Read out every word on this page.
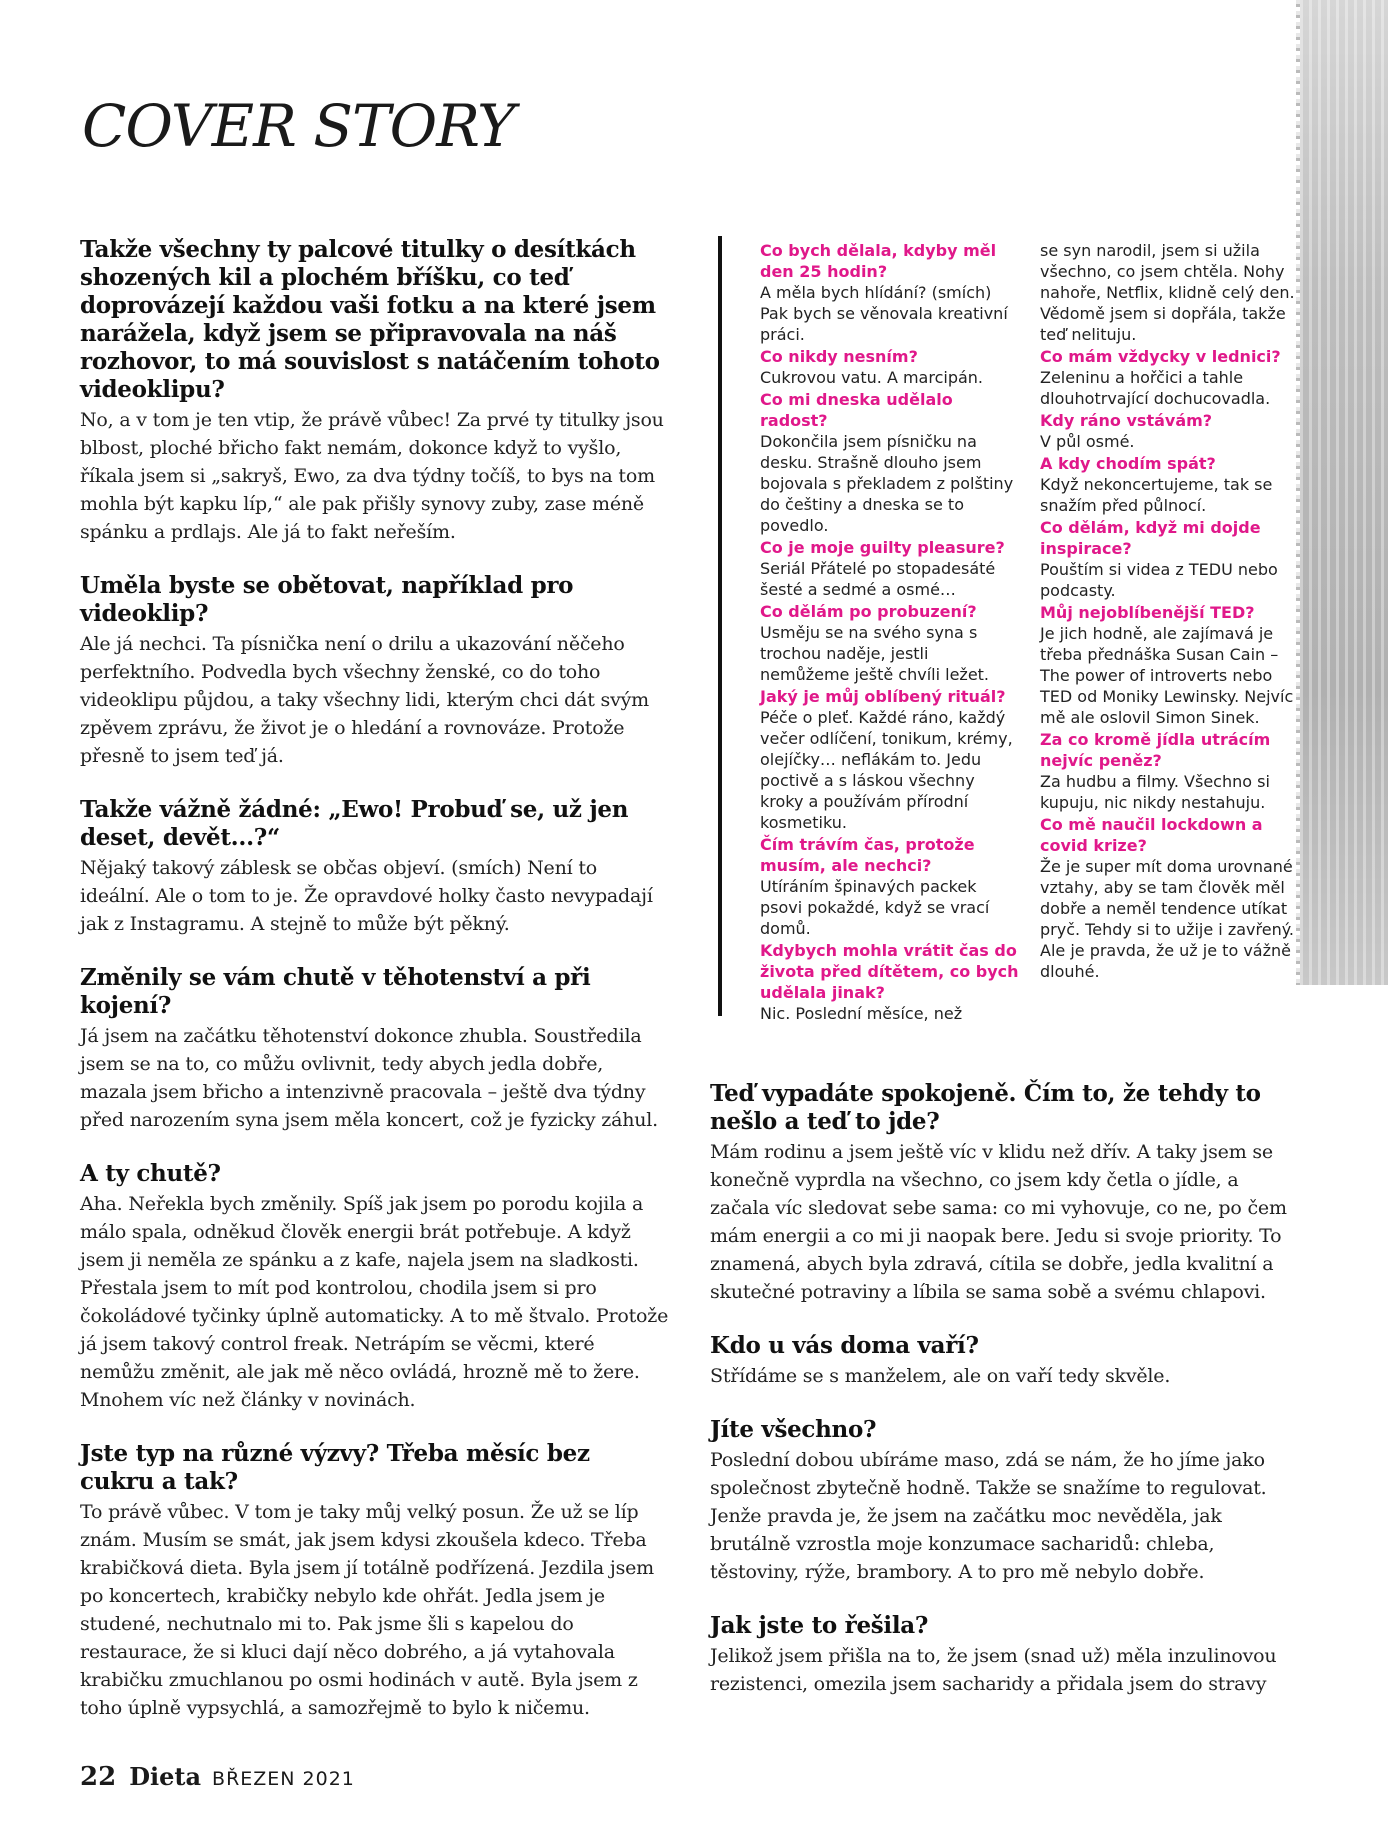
COVER STORY

Takže všechny ty palcové titulky o desítkách shozených kil a plochém bříšku, co teď doprovázejí každou vaši fotku a na které jsem narážela, když jsem se připravovala na náš rozhovor, to má souvislost s natáčením tohoto videoklipu?

No, a v tom je ten vtip, že právě vůbec! Za prvé ty titulky jsou blbost, ploché břicho fakt nemám, dokonce když to vyšlo, říkala jsem si „sakryš, Ewo, za dva týdny točíš, to bys na tom mohla být kapku líp,“ ale pak přišly synovy zuby, zase méně spánku a prdlajs. Ale já to fakt neřeším.

Uměla byste se obětovat, například pro videoklip?

Ale já nechci. Ta písnička není o drilu a ukazování něčeho perfektního. Podvedla bych všechny ženské, co do toho videoklipu půjdou, a taky všechny lidi, kterým chci dát svým zpěvem zprávu, že život je o hledání a rovnováze. Protože přesně to jsem teď já.

Takže vážně žádné: „Ewo! Probuď se, už jen deset, devět...?“

Nějaký takový záblesk se občas objeví. (smích) Není to ideální. Ale o tom to je. Že opravdové holky často nevypadají jak z Instagramu. A stejně to může být pěkný.

Změnily se vám chutě v těhotenství a při kojení?

Já jsem na začátku těhotenství dokonce zhubla. Soustředila jsem se na to, co můžu ovlivnit, tedy abych jedla dobře, mazala jsem břicho a intenzivně pracovala – ještě dva týdny před narozením syna jsem měla koncert, což je fyzicky záhul.

A ty chutě?

Aha. Neřekla bych změnily. Spíš jak jsem po porodu kojila a málo spala, odněkud člověk energii brát potřebuje. A když jsem ji neměla ze spánku a z kafe, najela jsem na sladkosti. Přestala jsem to mít pod kontrolou, chodila jsem si pro čokoládové tyčinky úplně automaticky. A to mě štvalo. Protože já jsem takový control freak. Netrápím se věcmi, které nemůžu změnit, ale jak mě něco ovládá, hrozně mě to žere. Mnohem víc než články v novinách.

Jste typ na různé výzvy? Třeba měsíc bez cukru a tak?

To právě vůbec. V tom je taky můj velký posun. Že už se líp znám. Musím se smát, jak jsem kdysi zkoušela kdeco. Třeba krabičková dieta. Byla jsem jí totálně podřízená. Jezdila jsem po koncertech, krabičky nebylo kde ohřát. Jedla jsem je studené, nechutnalo mi to. Pak jsme šli s kapelou do restaurace, že si kluci dají něco dobrého, a já vytahovala krabičku zmuchlanou po osmi hodinách v autě. Byla jsem z toho úplně vypsychlá, a samozřejmě to bylo k ničemu.

Co bych dělala, kdyby měl den 25 hodin?

A měla bych hlídání? (smích) Pak bych se věnovala kreativní práci.

Co nikdy nesním?

Cukrovou vatu. A marcipán.

Co mi dneska udělalo radost?

Dokončila jsem písničku na desku. Strašně dlouho jsem bojovala s překladem z polštiny do češtiny a dneska se to povedlo.

Co je moje guilty pleasure?

Seriál Přátelé po stopadesáté šesté a sedmé a osmé…

Co dělám po probuzení?

Usměju se na svého syna s trochou naděje, jestli nemůžeme ještě chvíli ležet.

Jaký je můj oblíbený rituál?

Péče o pleť. Každé ráno, každý večer odlíčení, tonikum, krémy, olejíčky… neflákám to. Jedu poctivě a s láskou všechny kroky a používám přírodní kosmetiku.

Čím trávím čas, protože musím, ale nechci?

Utíráním špinavých packek psovi pokaždé, když se vrací domů.

Kdybych mohla vrátit čas do života před dítětem, co bych udělala jinak?

Nic. Poslední měsíce, než

se syn narodil, jsem si užila všechno, co jsem chtěla. Nohy nahoře, Netflix, klidně celý den. Vědomě jsem si dopřála, takže teď nelituju.

Co mám vždycky v lednici?

Zeleninu a hořčici a tahle dlouhotrvající dochucovadla.

Kdy ráno vstávám?

V půl osmé.

A kdy chodím spát?

Když nekoncertujeme, tak se snažím před půlnocí.

Co dělám, když mi dojde inspirace?

Pouštím si videa z TEDU nebo podcasty.

Můj nejoblíbenější TED?

Je jich hodně, ale zajímavá je třeba přednáška Susan Cain – The power of introverts nebo TED od Moniky Lewinsky. Nejvíc mě ale oslovil Simon Sinek.

Za co kromě jídla utrácím nejvíc peněz?

Za hudbu a filmy. Všechno si kupuju, nic nikdy nestahuju.

Co mě naučil lockdown a covid krize?

Že je super mít doma urovnané vztahy, aby se tam člověk měl dobře a neměl tendence utíkat pryč. Tehdy si to užije i zavřený. Ale je pravda, že už je to vážně dlouhé.

Teď vypadáte spokojeně. Čím to, že tehdy to nešlo a teď to jde?

Mám rodinu a jsem ještě víc v klidu než dřív. A taky jsem se konečně vyprdla na všechno, co jsem kdy četla o jídle, a začala víc sledovat sebe sama: co mi vyhovuje, co ne, po čem mám energii a co mi ji naopak bere. Jedu si svoje priority. To znamená, abych byla zdravá, cítila se dobře, jedla kvalitní a skutečné potraviny a líbila se sama sobě a svému chlapovi.

Kdo u vás doma vaří?

Střídáme se s manželem, ale on vaří tedy skvěle.

Jíte všechno?

Poslední dobou ubíráme maso, zdá se nám, že ho jíme jako společnost zbytečně hodně. Takže se snažíme to regulovat. Jenže pravda je, že jsem na začátku moc nevěděla, jak brutálně vzrostla moje konzumace sacharidů: chleba, těstoviny, rýže, brambory. A to pro mě nebylo dobře.

Jak jste to řešila?

Jelikož jsem přišla na to, že jsem (snad už) měla inzulinovou rezistenci, omezila jsem sacharidy a přidala jsem do stravy

22 Dieta BŘEZEN 2021
